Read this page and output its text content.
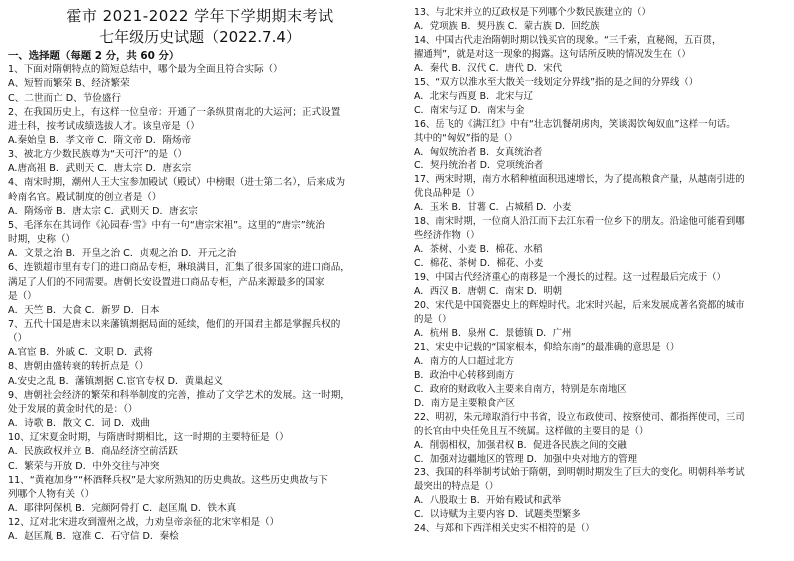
霍市 2021-2022 学年下学期期末考试
七年级历史试题（2022.7.4）
一、选择题（每题 2 分，共 60 分）
1、下面对隋朝特点的简短总结中，哪个最为全面且符合实际（）
A、短暂而繁荣 B、经济繁荣
C、二世而亡 D、节俭盛行
2、在我国历史上，有这样一位皇帝：开通了一条纵贯南北的大运河；正式设置
进士科，按考试成绩选拔人才。该皇帝是（）
A.秦始皇 B．孝文帝 C．隋文帝 D．隋炀帝
3、被北方少数民族尊为“天可汗”的是（）
A.唐高祖 B．武则天 C．唐太宗 D．唐玄宗
4、南宋时期，潮州人王大宝参加殿试（殿试）中榜眼（进士第二名），后来成为
岭南名官。殿试制度的创立者是（）
A．隋炀帝 B．唐太宗 C．武则天 D．唐玄宗
5、毛泽东在其词作《沁园春·雪》中有一句“唐宗宋祖”。这里的“唐宗”统治
时期，史称（）
A．文景之治 B．开皇之治 C．贞观之治 D．开元之治
6、连锁超市里有专门的进口商品专柜，琳琅满目，汇集了很多国家的进口商品，
满足了人们的不同需要。唐朝长安设置进口商品专柜，产品来源最多的国家
是（）
A．天竺 B．大食 C．新罗 D．日本
7、五代十国是唐末以来藩镇割据局面的延续，他们的开国君主都是掌握兵权的
（）
A.官宦 B．外戚 C．文职 D．武将
8、唐朝由盛转衰的转折点是（）
A.安史之乱 B．藩镇割据 C.宦官专权 D．黄巢起义
9、唐朝社会经济的繁荣和科举制度的完善，推动了文学艺术的发展。这一时期，
处于发展的黄金时代的是：（）
A．诗歌 B．散文 C．词 D．戏曲
10、辽宋夏金时期，与隋唐时期相比，这一时期的主要特征是（）
A．民族政权并立 B．商品经济空前活跃
C．繁荣与开放 D．中外交往与冲突
11、“黄袍加身”“杯酒释兵权”是大家所熟知的历史典故。这些历史典故与下
列哪个人物有关（）
A．耶律阿保机 B．完颜阿骨打 C．赵匡胤 D．铁木真
12、辽对北宋进攻到澶州之战，力劝皇帝亲征的北宋宰相是（）
A．赵匡胤 B．寇准 C．石守信 D．秦桧
13、与北宋并立的辽政权是下列哪个少数民族建立的（）
A．党项族 B．契丹族 C．蒙古族 D．回纥族
14、中国古代走治隋朝时期以钱买官的现象。“三千索，直秘阁，五百贯，
擢通判”，就是对这一现象的揭露。这句话所反映的情况发生在（）
A．秦代 B．汉代 C．唐代 D．宋代
15、“双方以淮水至大散关一线划定分界线”指的是之间的分界线（）
A．北宋与西夏 B．北宋与辽
C．南宋与辽 D．南宋与金
16、岳飞的《满江红》中有“壮志饥餐胡虏肉，笑谈渴饮匈奴血”这样一句话。
其中的“匈奴”指的是（）
A．匈奴统治者 B．女真统治者
C．契丹统治者 D．党项统治者
17、两宋时期，南方水稻种植面积迅速增长，为了提高粮食产量，从越南引进的
优良品种是（）
A．玉米 B．甘薯 C．占城稻 D．小麦
18、南宋时期，一位商人沿江而下去江东看一位乡下的朋友。沿途他可能看到哪
些经济作物（）
A．茶树、小麦 B．棉花、水稻
C．棉花、茶树 D．棉花、小麦
19、中国古代经济重心的南移是一个漫长的过程。这一过程最后完成于（）
A．西汉 B．唐朝 C．南宋 D．明朝
20、宋代是中国瓷器史上的辉煌时代。北宋时兴起，后来发展成著名瓷都的城市
的是（）
A．杭州 B．泉州 C．景德镇 D．广州
21、宋史中记载的“国家根本，仰给东南”的最准确的意思是（）
A．南方的人口超过北方
B．政治中心转移到南方
C．政府的财政收入主要来自南方，特别是东南地区
D．南方是主要粮食产区
22、明初，朱元璋取消行中书省，设立布政使司、按察使司、都指挥使司，三司
的长官由中央任免且互不统属。这样做的主要目的是（）
A．削弱相权，加强君权 B．促进各民族之间的交融
C．加强对边疆地区的管理 D．加强中央对地方的管理
23、我国的科举制考试始于隋朝，到明朝时期发生了巨大的变化。明朝科举考试
最突出的特点是（）
A．八股取士 B．开始有殿试和武举
C．以诗赋为主要内容 D．试题类型繁多
24、与郑和下西洋相关史实不相符的是（）
